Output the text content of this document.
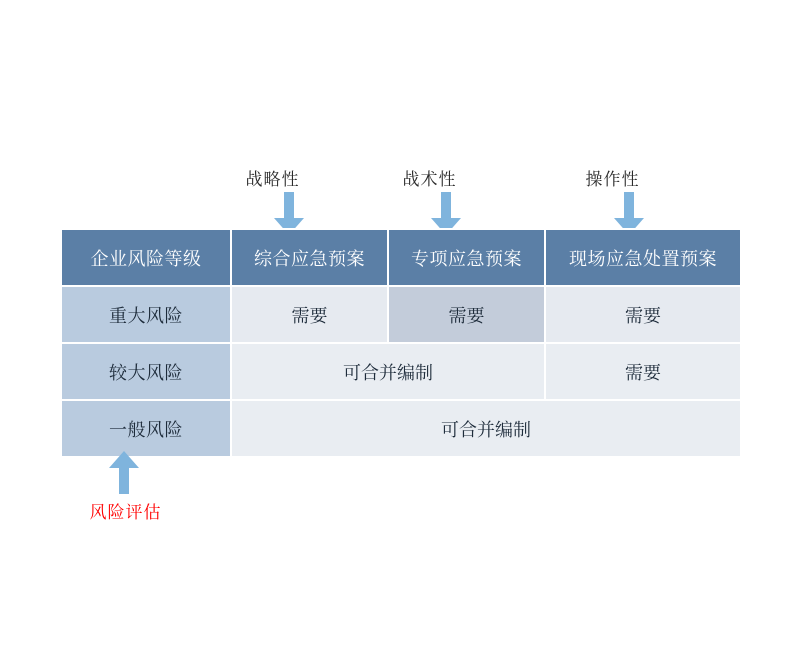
战略性	战术性	操作性
企业风险等级	综合应急预案	专项应急预案	现场应急处置预案
重大风险	需要	需要	需要
较大风险	可合并编制		需要
一般风险	可合并编制		
风险评估
